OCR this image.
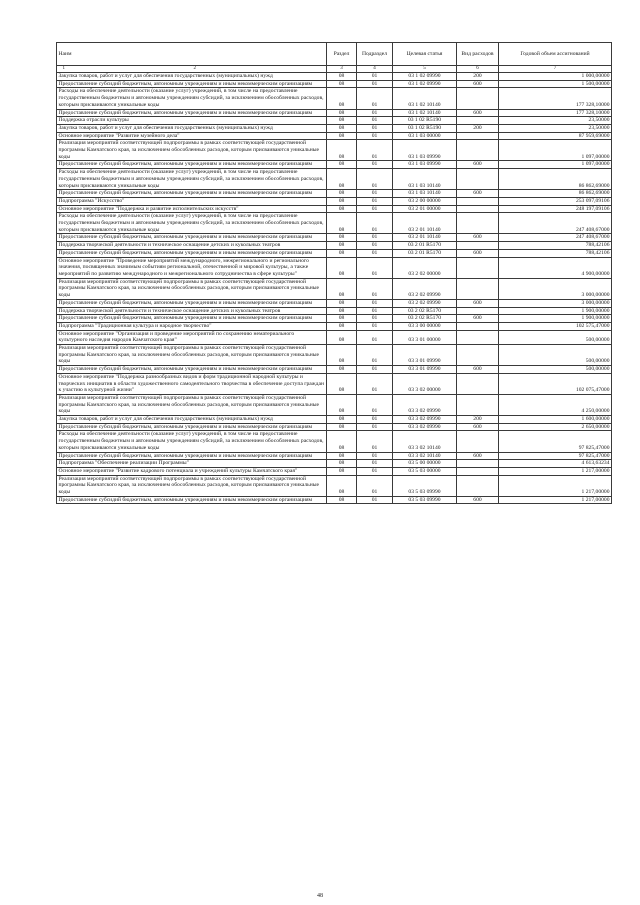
Наим	Раздел	Подраздел	Целевая статья	Вид расходов	Годовой объем ассигнований

1 2	3	4	5	6	7
Закупка товаров, работ и услуг для обеспечения государственных (муниципальных) нужд	08	01	03 1 02 09990	200	1 000,00000
Предоставление субсидий бюджетным, автономным учреждениям и иным некоммерческим организациям	08	01	03 1 02 09990	600	1 500,00000
Расходы на обеспечение деятельности (оказание услуг) учреждений, в том числе на предоставление государственным бюджетным и автономным учреждениям субсидий, за исключением обособленных расходов, которым присваиваются уникальные коды	08	01	03 1 02 10140		177 328,10000
Предоставление субсидий бюджетным, автономным учреждениям и иным некоммерческим организациям	08	01	03 1 02 10140	600	177 328,10000
Поддержка отрасли культуры	08	01	03 1 02 R5190		23,50000
Закупка товаров, работ и услуг для обеспечения государственных (муниципальных) нужд	08	01	03 1 02 R5190	200	23,50000
Основное мероприятие "Развитие музейного дела"	08	01	03 1 03 00000		87 959,69000
Реализация мероприятий соответствующей подпрограммы в рамках соответствующей государственной программы Камчатского края, за исключением обособленных расходов, которым присваиваются уникальные коды	08	01	03 1 03 09990		1 097,00000
Предоставление субсидий бюджетным, автономным учреждениям и иным некоммерческим организациям	08	01	03 1 03 09990	600	1 097,00000
Расходы на обеспечение деятельности (оказание услуг) учреждений, в том числе на предоставление государственным бюджетным и автономным учреждениям субсидий, за исключением обособленных расходов, которым присваиваются уникальные коды	08	01	03 1 03 10140		86 862,69000
Предоставление субсидий бюджетным, автономным учреждениям и иным некоммерческим организациям	08	01	03 1 03 10140	600	86 862,69000
Подпрограмма "Искусство"	08	01	03 2 00 00000		253 097,09106
Основное мероприятие "Поддержка и развитие исполнительских искусств"	08	01	03 2 01 00000		248 197,09106
Расходы на обеспечение деятельности (оказание услуг) учреждений, в том числе на предоставление государственным бюджетным и автономным учреждениям субсидий, за исключением обособленных расходов, которым присваиваются уникальные коды	08	01	03 2 01 10140		247 408,67000
Предоставление субсидий бюджетным, автономным учреждениям и иным некоммерческим организациям	08	01	03 2 01 10140	600	247 408,67000
Поддержка творческой деятельности и техническое оснащение детских и кукольных театров	08	01	03 2 01 R5170		788,42106
Предоставление субсидий бюджетным, автономным учреждениям и иным некоммерческим организациям	08	01	03 2 01 R5170	600	788,42106
Основное мероприятие "Проведение мероприятий международного, межрегионального и регионального значения, посвященных значимым событиям региональной, отечественной и мировой культуры, а также мероприятий по развитию международного и межрегионального сотрудничества в сфере культуры"	08	01	03 2 02 00000		4 900,00000
Реализация мероприятий соответствующей подпрограммы в рамках соответствующей государственной программы Камчатского края, за исключением обособленных расходов, которым присваиваются уникальные коды	08	01	03 2 02 09990		3 000,00000
Предоставление субсидий бюджетным, автономным учреждениям и иным некоммерческим организациям	08	01	03 2 02 09990	600	3 000,00000
Поддержка творческой деятельности и техническое оснащение детских и кукольных театров	08	01	03 2 02 R5170		1 900,00000
Предоставление субсидий бюджетным, автономным учреждениям и иным некоммерческим организациям	08	01	03 2 02 R5170	600	1 900,00000
Подпрограмма "Традиционная культура и народное творчество"	08	01	03 3 00 00000		102 575,47000
Основное мероприятие "Организация и проведение мероприятий по сохранению нематериального культурного наследия народов Камчатского края"	08	01	03 3 01 00000		500,00000
Реализация мероприятий соответствующей подпрограммы в рамках соответствующей государственной программы Камчатского края, за исключением обособленных расходов, которым присваиваются уникальные коды	08	01	03 3 01 09990		500,00000
Предоставление субсидий бюджетным, автономным учреждениям и иным некоммерческим организациям	08	01	03 3 01 09990	600	500,00000
Основное мероприятие "Поддержка разнообразных видов и форм традиционной народной культуры и творческих инициатив в области художественного самодеятельного творчества в обеспечение доступа граждан к участию в культурной жизни"	08	01	03 3 02 00000		102 075,47000
Реализация мероприятий соответствующей подпрограммы в рамках соответствующей государственной программы Камчатского края, за исключением обособленных расходов, которым присваиваются уникальные коды	08	01	03 3 02 09990		4 250,00000
Закупка товаров, работ и услуг для обеспечения государственных (муниципальных) нужд	08	01	03 3 02 09990	200	1 600,00000
Предоставление субсидий бюджетным, автономным учреждениям и иным некоммерческим организациям	08	01	03 3 02 09990	600	2 650,00000
Расходы на обеспечение деятельности (оказание услуг) учреждений, в том числе на предоставление государственным бюджетным и автономным учреждениям субсидий, за исключением обособленных расходов, которым присваиваются уникальные коды	08	01	03 3 02 10140		97 825,47000
Предоставление субсидий бюджетным, автономным учреждениям и иным некоммерческим организациям	08	01	03 3 02 10140	600	97 825,47000
Подпрограмма "Обеспечение реализации Программы"	08	01	03 5 00 00000		4 613,63234
Основное мероприятие "Развитие кадрового потенциала и учреждений культуры Камчатского края"	08	01	03 5 03 00000		1 217,00000
Реализация мероприятий соответствующей подпрограммы в рамках соответствующей государственной программы Камчатского края, за исключением обособленных расходов, которым присваиваются уникальные коды	08	01	03 5 03 09990		1 217,00000
Предоставление субсидий бюджетным, автономным учреждениям и иным некоммерческим организациям	08	01	03 5 03 09990	600	1 217,00000
48
